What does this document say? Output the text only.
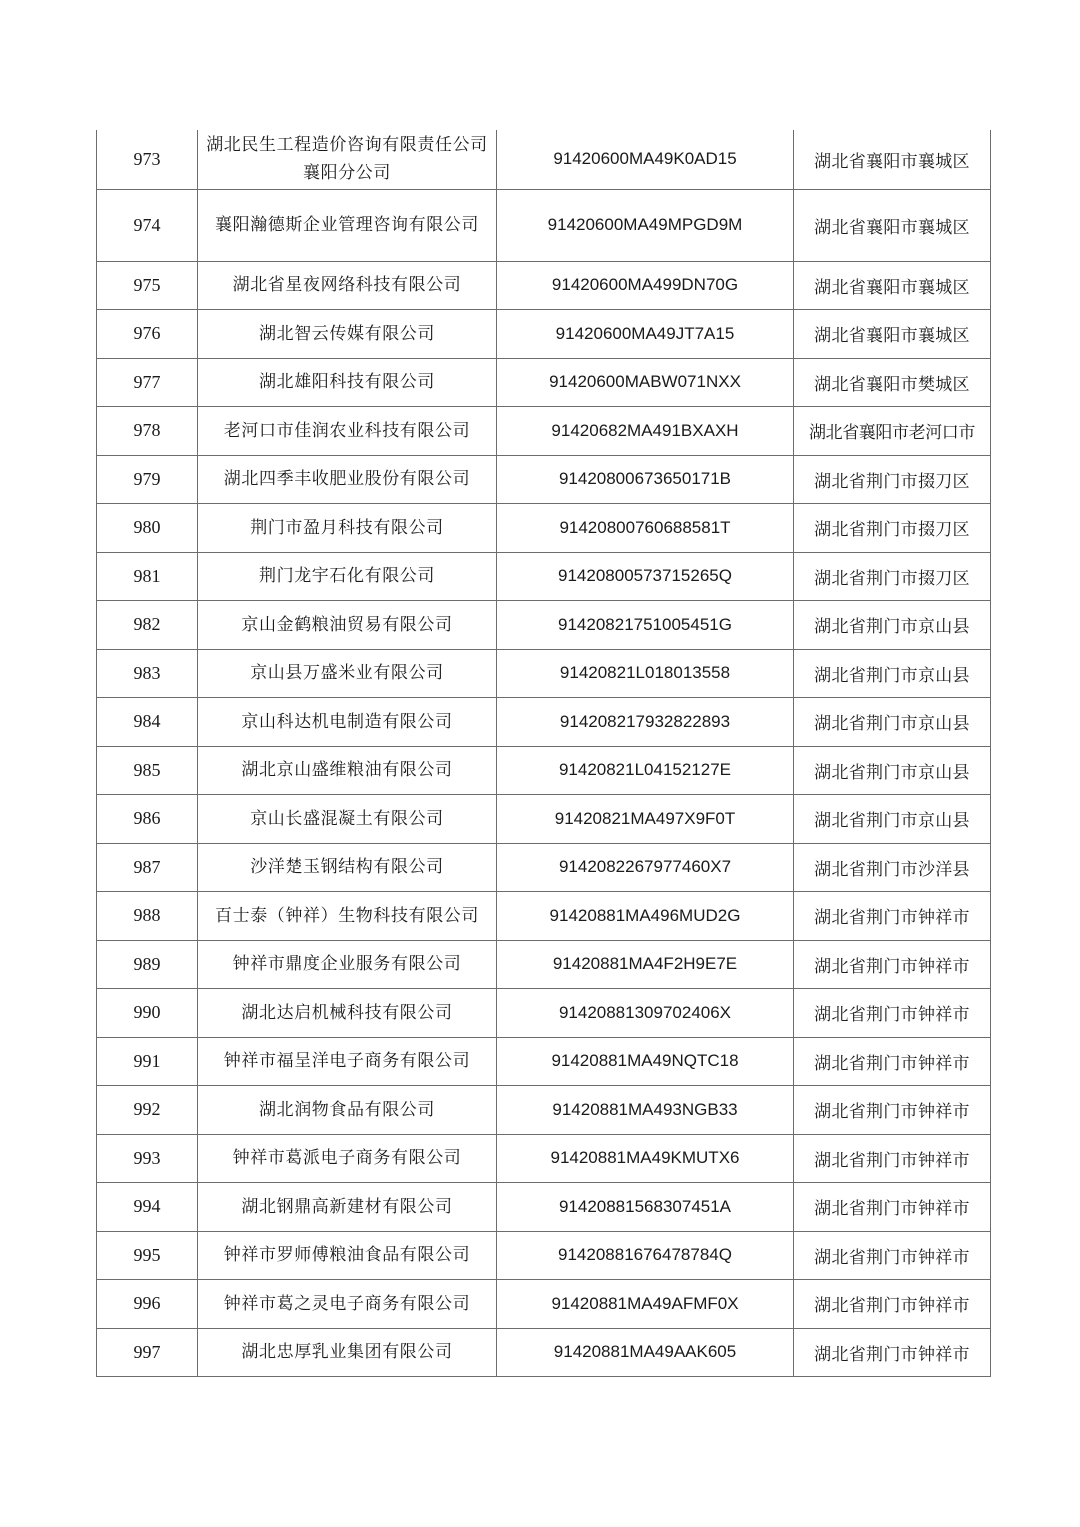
973	湖北民生工程造价咨询有限责任公司襄阳分公司	91420600MA49K0AD15	湖北省襄阳市襄城区
974	襄阳瀚德斯企业管理咨询有限公司	91420600MA49MPGD9M	湖北省襄阳市襄城区
975	湖北省星夜网络科技有限公司	91420600MA499DN70G	湖北省襄阳市襄城区
976	湖北智云传媒有限公司	91420600MA49JT7A15	湖北省襄阳市襄城区
977	湖北雄阳科技有限公司	91420600MABW071NXX	湖北省襄阳市樊城区
978	老河口市佳润农业科技有限公司	91420682MA491BXAXH	湖北省襄阳市老河口市
979	湖北四季丰收肥业股份有限公司	91420800673650171B	湖北省荆门市掇刀区
980	荆门市盈月科技有限公司	91420800760688581T	湖北省荆门市掇刀区
981	荆门龙宇石化有限公司	91420800573715265Q	湖北省荆门市掇刀区
982	京山金鹤粮油贸易有限公司	91420821751005451G	湖北省荆门市京山县
983	京山县万盛米业有限公司	91420821L018013558	湖北省荆门市京山县
984	京山科达机电制造有限公司	914208217932822893	湖北省荆门市京山县
985	湖北京山盛维粮油有限公司	91420821L04152127E	湖北省荆门市京山县
986	京山长盛混凝土有限公司	91420821MA497X9F0T	湖北省荆门市京山县
987	沙洋楚玉钢结构有限公司	9142082267977460X7	湖北省荆门市沙洋县
988	百士泰（钟祥）生物科技有限公司	91420881MA496MUD2G	湖北省荆门市钟祥市
989	钟祥市鼎度企业服务有限公司	91420881MA4F2H9E7E	湖北省荆门市钟祥市
990	湖北达启机械科技有限公司	91420881309702406X	湖北省荆门市钟祥市
991	钟祥市福呈洋电子商务有限公司	91420881MA49NQTC18	湖北省荆门市钟祥市
992	湖北润物食品有限公司	91420881MA493NGB33	湖北省荆门市钟祥市
993	钟祥市葛派电子商务有限公司	91420881MA49KMUTX6	湖北省荆门市钟祥市
994	湖北钢鼎高新建材有限公司	91420881568307451A	湖北省荆门市钟祥市
995	钟祥市罗师傅粮油食品有限公司	91420881676478784Q	湖北省荆门市钟祥市
996	钟祥市葛之灵电子商务有限公司	91420881MA49AFMF0X	湖北省荆门市钟祥市
997	湖北忠厚乳业集团有限公司	91420881MA49AAK605	湖北省荆门市钟祥市
